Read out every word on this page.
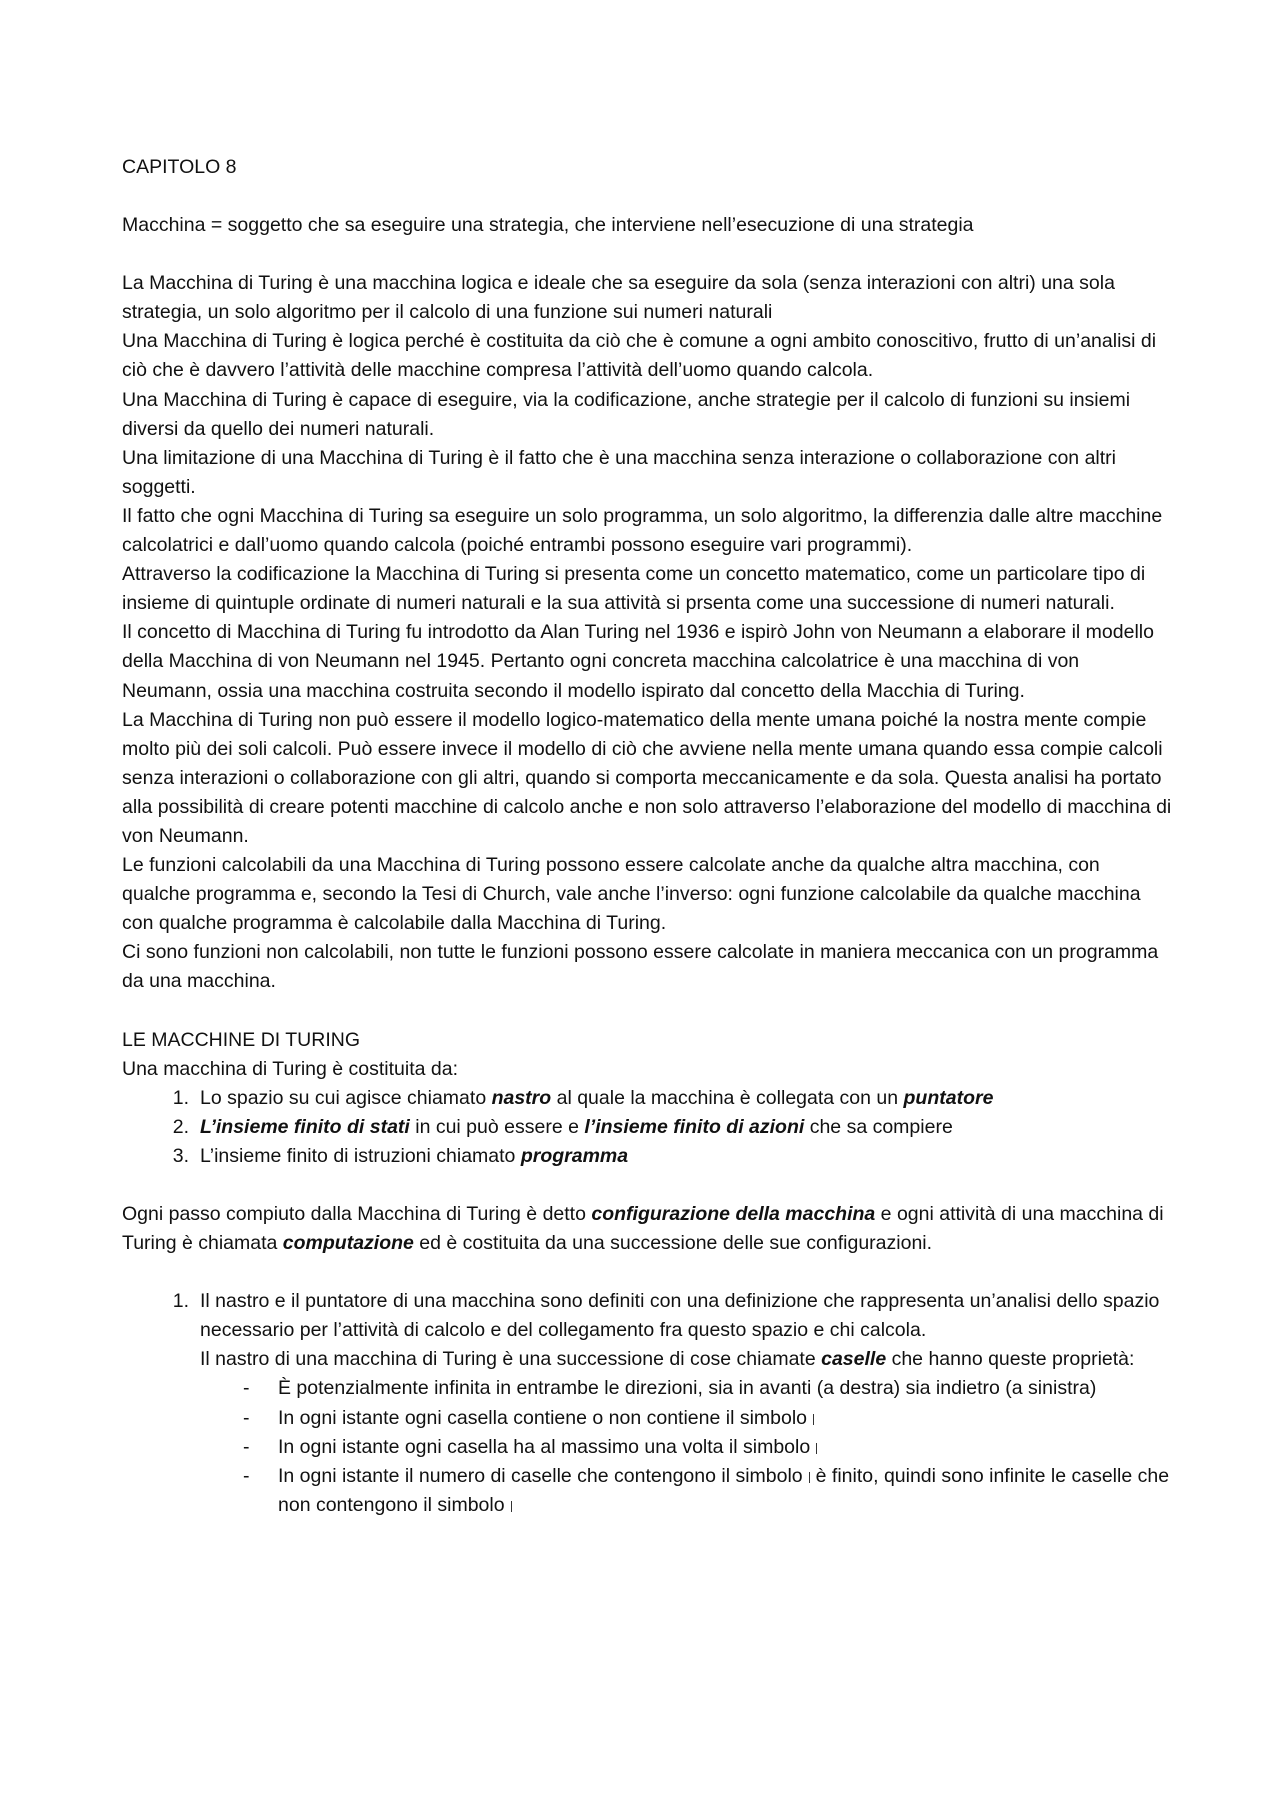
CAPITOLO 8

Macchina = soggetto che sa eseguire una strategia, che interviene nell’esecuzione di una strategia

La Macchina di Turing è una macchina logica e ideale che sa eseguire da sola (senza interazioni con altri) una sola strategia, un solo algoritmo per il calcolo di una funzione sui numeri naturali

Una Macchina di Turing è logica perché è costituita da ciò che è comune a ogni ambito conoscitivo, frutto di un’analisi di ciò che è davvero l’attività delle macchine compresa l’attività dell’uomo quando calcola.

Una Macchina di Turing è capace di eseguire, via la codificazione, anche strategie per il calcolo di funzioni su insiemi diversi da quello dei numeri naturali.

Una limitazione di una Macchina di Turing è il fatto che è una macchina senza interazione o collaborazione con altri soggetti.

Il fatto che ogni Macchina di Turing sa eseguire un solo programma, un solo algoritmo, la differenzia dalle altre macchine calcolatrici e dall’uomo quando calcola (poiché entrambi possono eseguire vari programmi).

Attraverso la codificazione la Macchina di Turing si presenta come un concetto matematico, come un particolare tipo di insieme di quintuple ordinate di numeri naturali e la sua attività si prsenta come una successione di numeri naturali.

Il concetto di Macchina di Turing fu introdotto da Alan Turing nel 1936 e ispirò John von Neumann a elaborare il modello della Macchina di von Neumann nel 1945. Pertanto ogni concreta macchina calcolatrice è una macchina di von Neumann, ossia una macchina costruita secondo il modello ispirato dal concetto della Macchia di Turing.

La Macchina di Turing non può essere il modello logico-matematico della mente umana poiché la nostra mente compie molto più dei soli calcoli. Può essere invece il modello di ciò che avviene nella mente umana quando essa compie calcoli senza interazioni o collaborazione con gli altri, quando si comporta meccanicamente e da sola. Questa analisi ha portato alla possibilità di creare potenti macchine di calcolo anche e non solo attraverso l’elaborazione del modello di macchina di von Neumann.

Le funzioni calcolabili da una Macchina di Turing possono essere calcolate anche da qualche altra macchina, con qualche programma e, secondo la Tesi di Church, vale anche l’inverso: ogni funzione calcolabile da qualche macchina con qualche programma è calcolabile dalla Macchina di Turing.

Ci sono funzioni non calcolabili, non tutte le funzioni possono essere calcolate in maniera meccanica con un programma da una macchina.

LE MACCHINE DI TURING

Una macchina di Turing è costituita da:

1. Lo spazio su cui agisce chiamato nastro al quale la macchina è collegata con un puntatore
2. L’insieme finito di stati in cui può essere e l’insieme finito di azioni che sa compiere
3. L’insieme finito di istruzioni chiamato programma

Ogni passo compiuto dalla Macchina di Turing è detto configurazione della macchina e ogni attività di una macchina di Turing è chiamata computazione ed è costituita da una successione delle sue configurazioni.

1. Il nastro e il puntatore di una macchina sono definiti con una definizione che rappresenta un’analisi dello spazio necessario per l’attività di calcolo e del collegamento fra questo spazio e chi calcola.
Il nastro di una macchina di Turing è una successione di cose chiamate caselle che hanno queste proprietà:
- È potenzialmente infinita in entrambe le direzioni, sia in avanti (a destra) sia indietro (a sinistra)
- In ogni istante ogni casella contiene o non contiene il simbolo
- In ogni istante ogni casella ha al massimo una volta il simbolo
- In ogni istante il numero di caselle che contengono il simbolo è finito, quindi sono infinite le caselle che non contengono il simbolo
